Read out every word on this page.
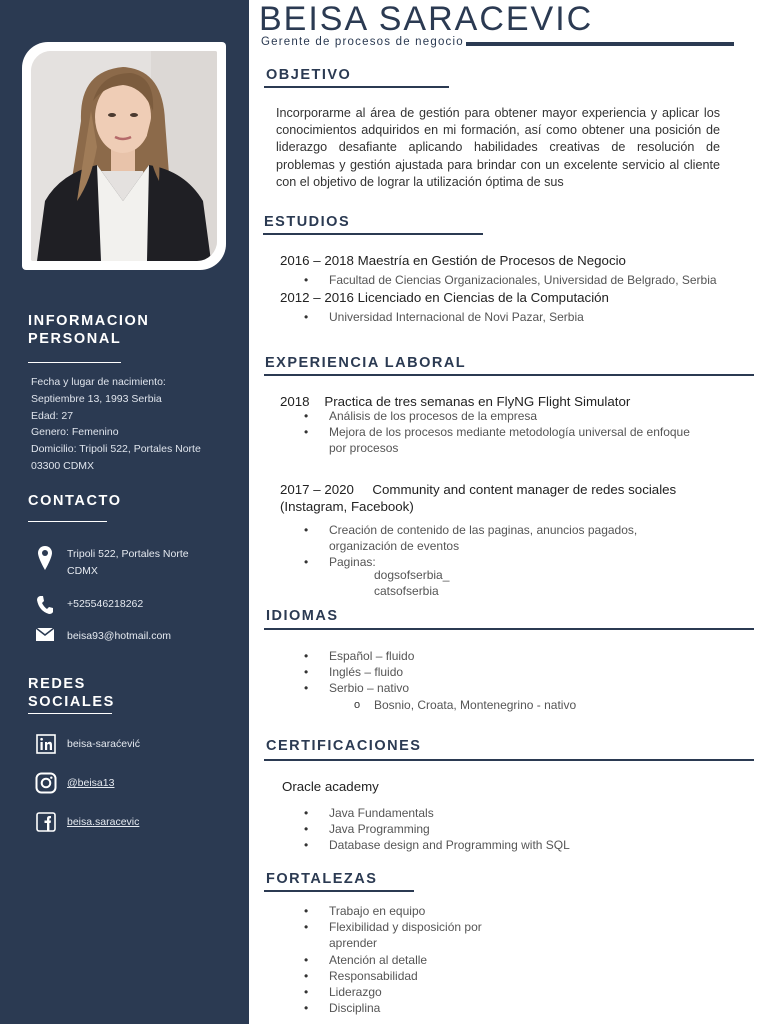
INFORMACION
PERSONAL
Fecha y lugar de nacimiento:
Septiembre 13, 1993 Serbia
Edad: 27
Genero: Femenino
Domicilio: Tripoli 522, Portales Norte
03300 CDMX
CONTACTO
Tripoli 522, Portales Norte
CDMX
+525546218262
beisa93@hotmail.com
REDES
SOCIALES
beisa-saraćević
@beisa13
beisa.saracevic
BEISA SARACEVIC
Gerente de procesos de negocio
OBJETIVO
Incorporarme al área de gestión para obtener mayor experiencia y aplicar los conocimientos adquiridos en mi formación, así como obtener una posición de liderazgo desafiante aplicando habilidades creativas de resolución de problemas y gestión ajustada para brindar con un excelente servicio al cliente con el objetivo de lograr la utilización óptima de sus
ESTUDIOS
2016 – 2018 Maestría en Gestión de Procesos de Negocio
• Facultad de Ciencias Organizacionales, Universidad de Belgrado, Serbia
2012 – 2016 Licenciado en Ciencias de la Computación
• Universidad Internacional de Novi Pazar, Serbia
EXPERIENCIA LABORAL
2018    Practica de tres semanas en FlyNG Flight Simulator
• Análisis de los procesos de la empresa
• Mejora de los procesos mediante metodología universal de enfoque por procesos
2017 – 2020     Community and content manager de redes sociales (Instagram, Facebook)
• Creación de contenido de las paginas, anuncios pagados, organización de eventos
• Paginas:
dogsofserbia_
catsofserbia
IDIOMAS
• Español – fluido
• Inglés – fluido
• Serbio – nativo
o Bosnio, Croata, Montenegrino - nativo
CERTIFICACIONES
Oracle academy
• Java Fundamentals
• Java Programming
• Database design and Programming with SQL
FORTALEZAS
• Trabajo en equipo
• Flexibilidad y disposición por aprender
• Atención al detalle
• Responsabilidad
• Liderazgo
• Disciplina
